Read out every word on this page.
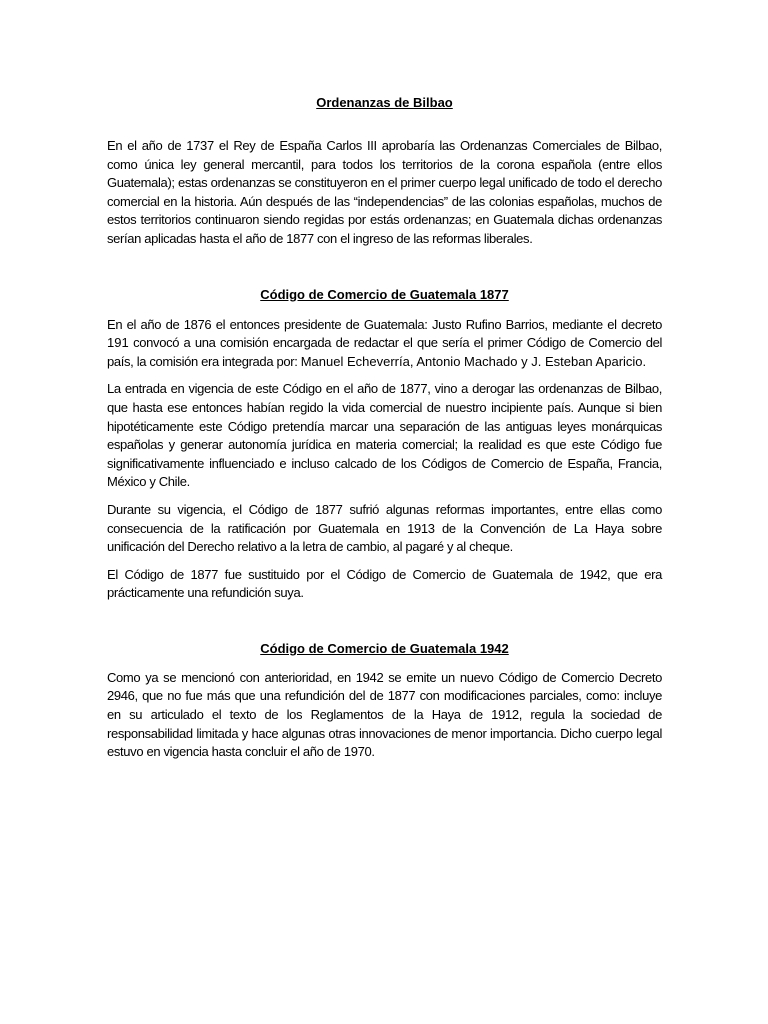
Ordenanzas de Bilbao

En el año de 1737 el Rey de España Carlos III aprobaría las Ordenanzas Comerciales de Bilbao, como única ley general mercantil, para todos los territorios de la corona española (entre ellos Guatemala); estas ordenanzas se constituyeron en el primer cuerpo legal unificado de todo el derecho comercial en la historia. Aún después de las “independencias” de las colonias españolas, muchos de estos territorios continuaron siendo regidas por estás ordenanzas; en Guatemala dichas ordenanzas serían aplicadas hasta el año de 1877 con el ingreso de las reformas liberales.

Código de Comercio de Guatemala 1877

En el año de 1876 el entonces presidente de Guatemala: Justo Rufino Barrios, mediante el decreto 191 convocó a una comisión encargada de redactar el que sería el primer Código de Comercio del país, la comisión era integrada por: Manuel Echeverría, Antonio Machado y J. Esteban Aparicio.

La entrada en vigencia de este Código en el año de 1877, vino a derogar las ordenanzas de Bilbao, que hasta ese entonces habían regido la vida comercial de nuestro incipiente país. Aunque si bien hipotéticamente este Código pretendía marcar una separación de las antiguas leyes monárquicas españolas y generar autonomía jurídica en materia comercial; la realidad es que este Código fue significativamente influenciado e incluso calcado de los Códigos de Comercio de España, Francia, México y Chile.

Durante su vigencia, el Código de 1877 sufrió algunas reformas importantes, entre ellas como consecuencia de la ratificación por Guatemala en 1913 de la Convención de La Haya sobre unificación del Derecho relativo a la letra de cambio, al pagaré y al cheque.

El Código de 1877 fue sustituido por el Código de Comercio de Guatemala de 1942, que era prácticamente una refundición suya.

Código de Comercio de Guatemala 1942

Como ya se mencionó con anterioridad, en 1942 se emite un nuevo Código de Comercio Decreto 2946, que no fue más que una refundición del de 1877 con modificaciones parciales, como: incluye en su articulado el texto de los Reglamentos de la Haya de 1912, regula la sociedad de responsabilidad limitada y hace algunas otras innovaciones de menor importancia. Dicho cuerpo legal estuvo en vigencia hasta concluir el año de 1970.
